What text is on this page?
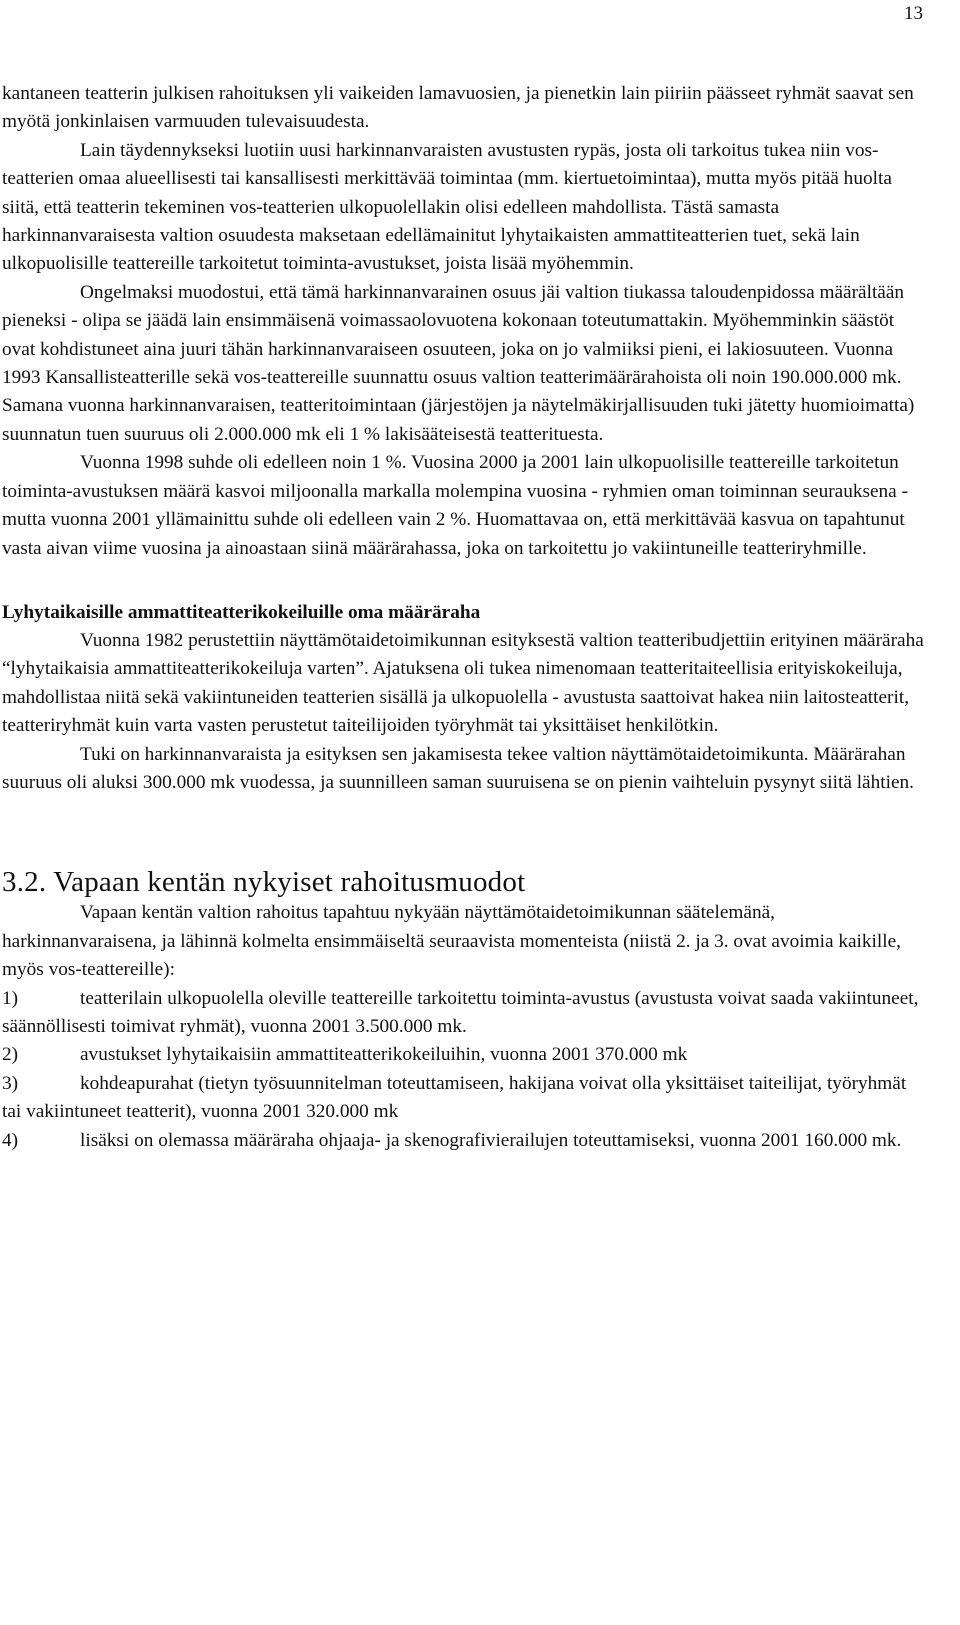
13

kantaneen teatterin julkisen rahoituksen yli vaikeiden lamavuosien, ja pienetkin lain piiriin päässeet ryhmät saavat sen myötä jonkinlaisen varmuuden tulevaisuudesta.

Lain täydennykseksi luotiin uusi harkinnanvaraisten avustusten rypäs, josta oli tarkoitus tukea niin vos-teatterien omaa alueellisesti tai kansallisesti merkittävää toimintaa (mm. kiertuetoimintaa), mutta myös pitää huolta siitä, että teatterin tekeminen vos-teatterien ulkopuolellakin olisi edelleen mahdollista. Tästä samasta harkinnanvaraisesta valtion osuudesta maksetaan edellämainitut lyhytaikaisten ammattiteatterien tuet, sekä lain ulkopuolisille teattereille tarkoitetut toiminta-avustukset, joista lisää myöhemmin.

Ongelmaksi muodostui, että tämä harkinnanvarainen osuus jäi valtion tiukassa taloudenpidossa määrältään pieneksi - olipa se jäädä lain ensimmäisenä voimassaolovuotena kokonaan toteutumattakin. Myöhemminkin säästöt ovat kohdistuneet aina juuri tähän harkinnanvaraiseen osuuteen, joka on jo valmiiksi pieni, ei lakiosuuteen. Vuonna 1993 Kansallisteatterille sekä vos-teattereille suunnattu osuus valtion teatterimäärärahoista oli noin 190.000.000 mk. Samana vuonna harkinnanvaraisen, teatteritoimintaan (järjestöjen ja näytelmäkirjallisuuden tuki jätetty huomioimatta) suunnatun tuen suuruus oli 2.000.000 mk eli 1 % lakisääteisestä teatterituesta.

Vuonna 1998 suhde oli edelleen noin 1 %. Vuosina 2000 ja 2001 lain ulkopuolisille teattereille tarkoitetun toiminta-avustuksen määrä kasvoi miljoonalla markalla molempina vuosina - ryhmien oman toiminnan seurauksena - mutta vuonna 2001 yllämainittu suhde oli edelleen vain 2 %. Huomattavaa on, että merkittävää kasvua on tapahtunut vasta aivan viime vuosina ja ainoastaan siinä määrärahassa, joka on tarkoitettu jo vakiintuneille teatteriryhmille.

Lyhytaikaisille ammattiteatterikokeiluille oma määräraha

Vuonna 1982 perustettiin näyttämötaidetoimikunnan esityksestä valtion teatteribudjettiin erityinen määräraha “lyhytaikaisia ammattiteatterikokeiluja varten”. Ajatuksena oli tukea nimenomaan teatteritaiteellisia erityiskokeiluja, mahdollistaa niitä sekä vakiintuneiden teatterien sisällä ja ulkopuolella - avustusta saattoivat hakea niin laitosteatterit, teatteriryhmät kuin varta vasten perustetut taiteilijoiden työryhmät tai yksittäiset henkilötkin.

Tuki on harkinnanvaraista ja esityksen sen jakamisesta tekee valtion näyttämötaidetoimikunta. Määrärahan suuruus oli aluksi 300.000 mk vuodessa, ja suunnilleen saman suuruisena se on pienin vaihteluin pysynyt siitä lähtien.

3.2. Vapaan kentän nykyiset rahoitusmuodot

Vapaan kentän valtion rahoitus tapahtuu nykyään näyttämötaidetoimikunnan säätelemänä, harkinnanvaraisena, ja lähinnä kolmelta ensimmäiseltä seuraavista momenteista (niistä 2. ja 3. ovat avoimia kaikille, myös vos-teattereille):

1)	teatterilain ulkopuolella oleville teattereille tarkoitettu toiminta-avustus (avustusta voivat saada vakiintuneet, säännöllisesti toimivat ryhmät), vuonna 2001 3.500.000 mk.

2)	avustukset lyhytaikaisiin ammattiteatterikokeiluihin, vuonna 2001 370.000 mk

3)	kohdeapurahat (tietyn työsuunnitelman toteuttamiseen, hakijana voivat olla yksittäiset taiteilijat, työryhmät tai vakiintuneet teatterit), vuonna 2001 320.000 mk

4)	lisäksi on olemassa määräraha ohjaaja- ja skenografivierailujen toteuttamiseksi, vuonna 2001 160.000 mk.
